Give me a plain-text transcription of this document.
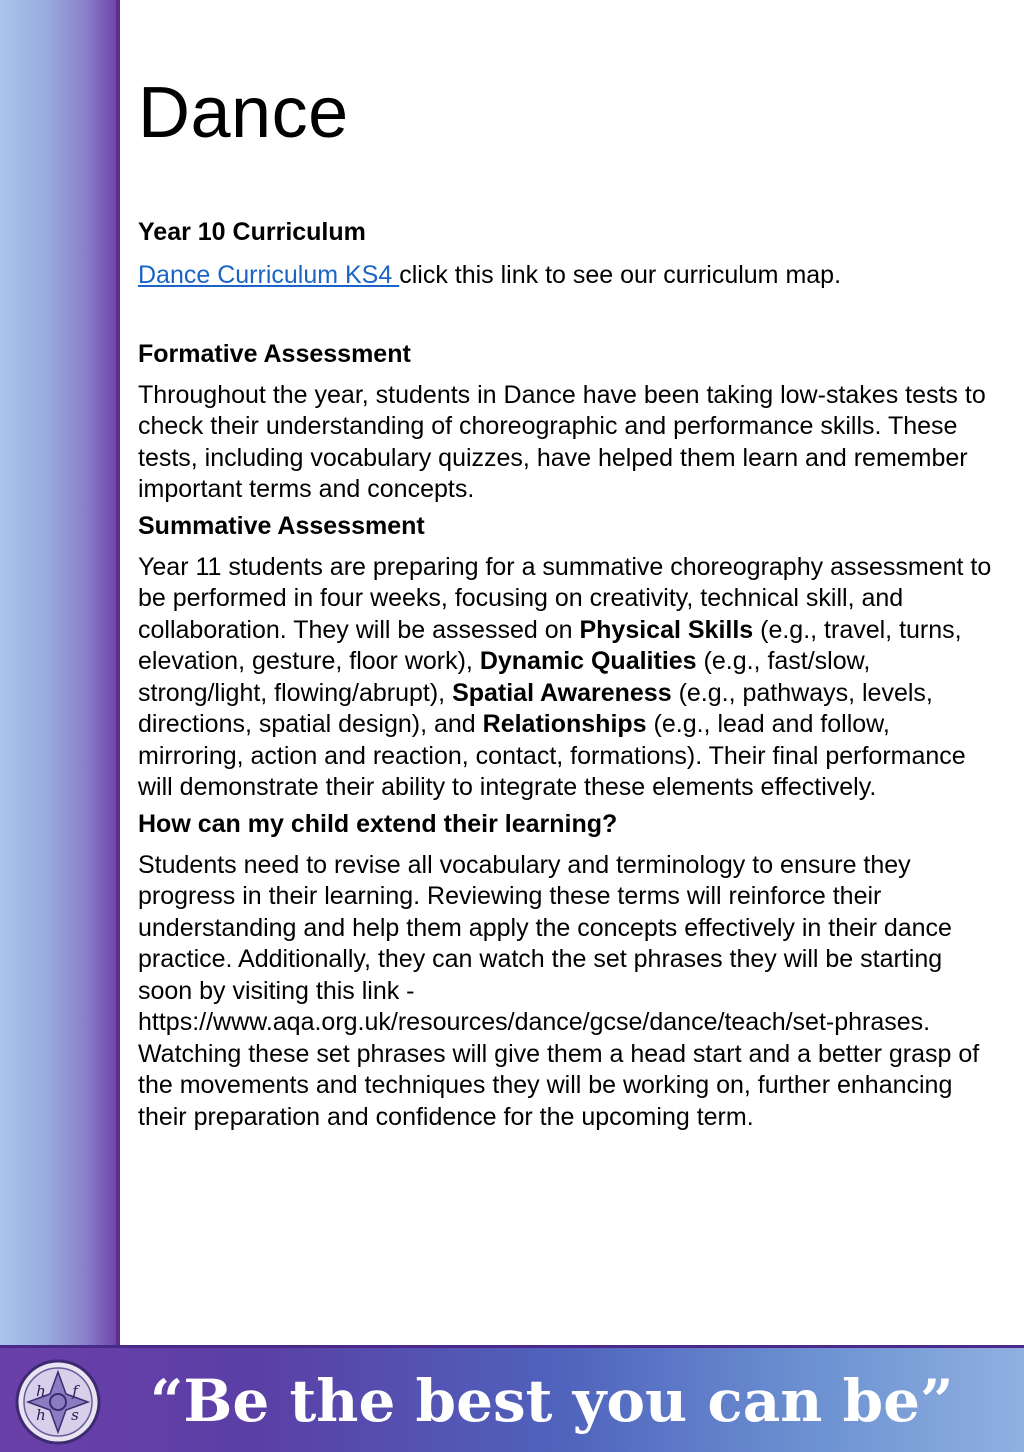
Dance

Year 10 Curriculum

Dance Curriculum KS4 click this link to see our curriculum map.

Formative Assessment

Throughout the year, students in Dance have been taking low-stakes tests to check their understanding of choreographic and performance skills. These tests, including vocabulary quizzes, have helped them learn and remember important terms and concepts.

Summative Assessment

Year 11 students are preparing for a summative choreography assessment to be performed in four weeks, focusing on creativity, technical skill, and collaboration. They will be assessed on Physical Skills (e.g., travel, turns, elevation, gesture, floor work), Dynamic Qualities (e.g., fast/slow, strong/light, flowing/abrupt), Spatial Awareness (e.g., pathways, levels, directions, spatial design), and Relationships (e.g., lead and follow, mirroring, action and reaction, contact, formations). Their final performance will demonstrate their ability to integrate these elements effectively.

How can my child extend their learning?

Students need to revise all vocabulary and terminology to ensure they progress in their learning. Reviewing these terms will reinforce their understanding and help them apply the concepts effectively in their dance practice. Additionally, they can watch the set phrases they will be starting soon by visiting this link - https://www.aqa.org.uk/resources/dance/gcse/dance/teach/set-phrases. Watching these set phrases will give them a head start and a better grasp of the movements and techniques they will be working on, further enhancing their preparation and confidence for the upcoming term.

h f
h s “Be the best you can be”
